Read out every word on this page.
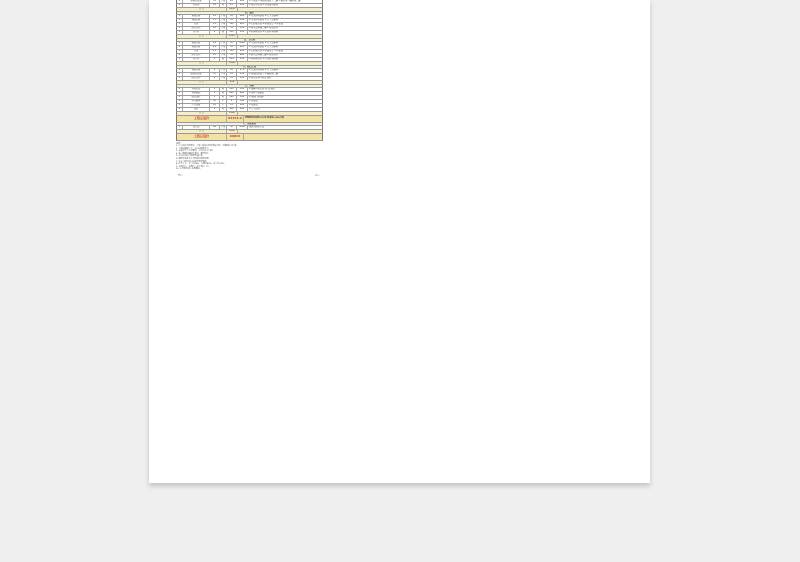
1	墙面乳胶漆	35	平米	28	980	1.立邦漆 2.墙面批刮腻子二遍 3.刷底漆一遍面漆二遍
2	石膏线	18	米	25	450	1.成品石膏线 2.含安装及辅料
合 计	1430
四、厨房
1	墙面瓷砖	22	平米	45	990	1.水泥砂浆铺贴 2.人工及辅料
2	地面瓷砖	5.5	平米	45	248	1.水泥砂浆铺贴 2.人工及辅料
3	吊顶	5.5	平米	110	605	1.铝扣板吊顶 2.轻钢龙骨 3.含安装
4	防水处理	10	平米	55	550	1.防水涂料刷二遍 2.闭水试验
5	包立管	1	根	150	150	1.轻体砖包管 2.水泥砂浆粉刷
合 计	2543
五、卫生间
1	墙面瓷砖	24	平米	45	1080	1.水泥砂浆铺贴 2.人工及辅料
2	地面瓷砖	4.5	平米	45	203	1.水泥砂浆铺贴 2.人工及辅料
3	吊顶	4.5	平米	110	495	1.铝扣板吊顶 2.轻钢龙骨 3.含安装
4	防水处理	12	平米	55	660	1.防水涂料刷二遍 2.闭水试验
5	包立管	1	根	150	150	1.轻体砖包管 2.水泥砂浆粉刷
合 计	2588
六、阳台工程
1	地面瓷砖	6	平米	45	270	1.水泥砂浆铺贴 2.人工及辅料
2	墙面乳胶漆	12	平米	28	336	1.墙面批刮腻子 2.刷面漆二遍
3	防水处理	6	平米	55	330	1.防水涂料 2.闭水试验
合 计	936
七、其他
1	垃圾清运	1	项	500	500	1.装修垃圾清运至指定地点
2	材料搬运	1	项	600	600	1.材料上楼搬运
3	成品保护	1	项	300	300	1.地面门窗保护
4	开关插座	45	个	8	360	1.安装费
5	灯具安装	12	个	15	180	1.安装费
6	保洁	1	项	400	400	1.完工保洁
合 计	2340
工程总造价	65315.2	管理费按直接费5%计取 税金按3.48%计取
八、其他费用
1	设计费	90	平米	50	4500	按建筑面积计算
合 计	4500
工程总造价	69815
说明：
1. 以上报价为预算价，实际工程量以现场测量为准，增减项按实结算。
2. 工程质保期二年，水电质保期五年。
3. 本报价不含主材费用，主材由业主自购。
4. 施工期间如遇设计变更，费用另计。
5. 水电材料按实际使用量结算。
6. 墙面开裂等非人为因素按规范处理。
7. 业主自购材料应按进度及时到场。
8. 付款方式：开工付40%，中期付40%，完工付20%。
9. 本报价单一式两份，双方各执一份。
10. 未尽事宜双方协商解决。
甲方：	乙方：
